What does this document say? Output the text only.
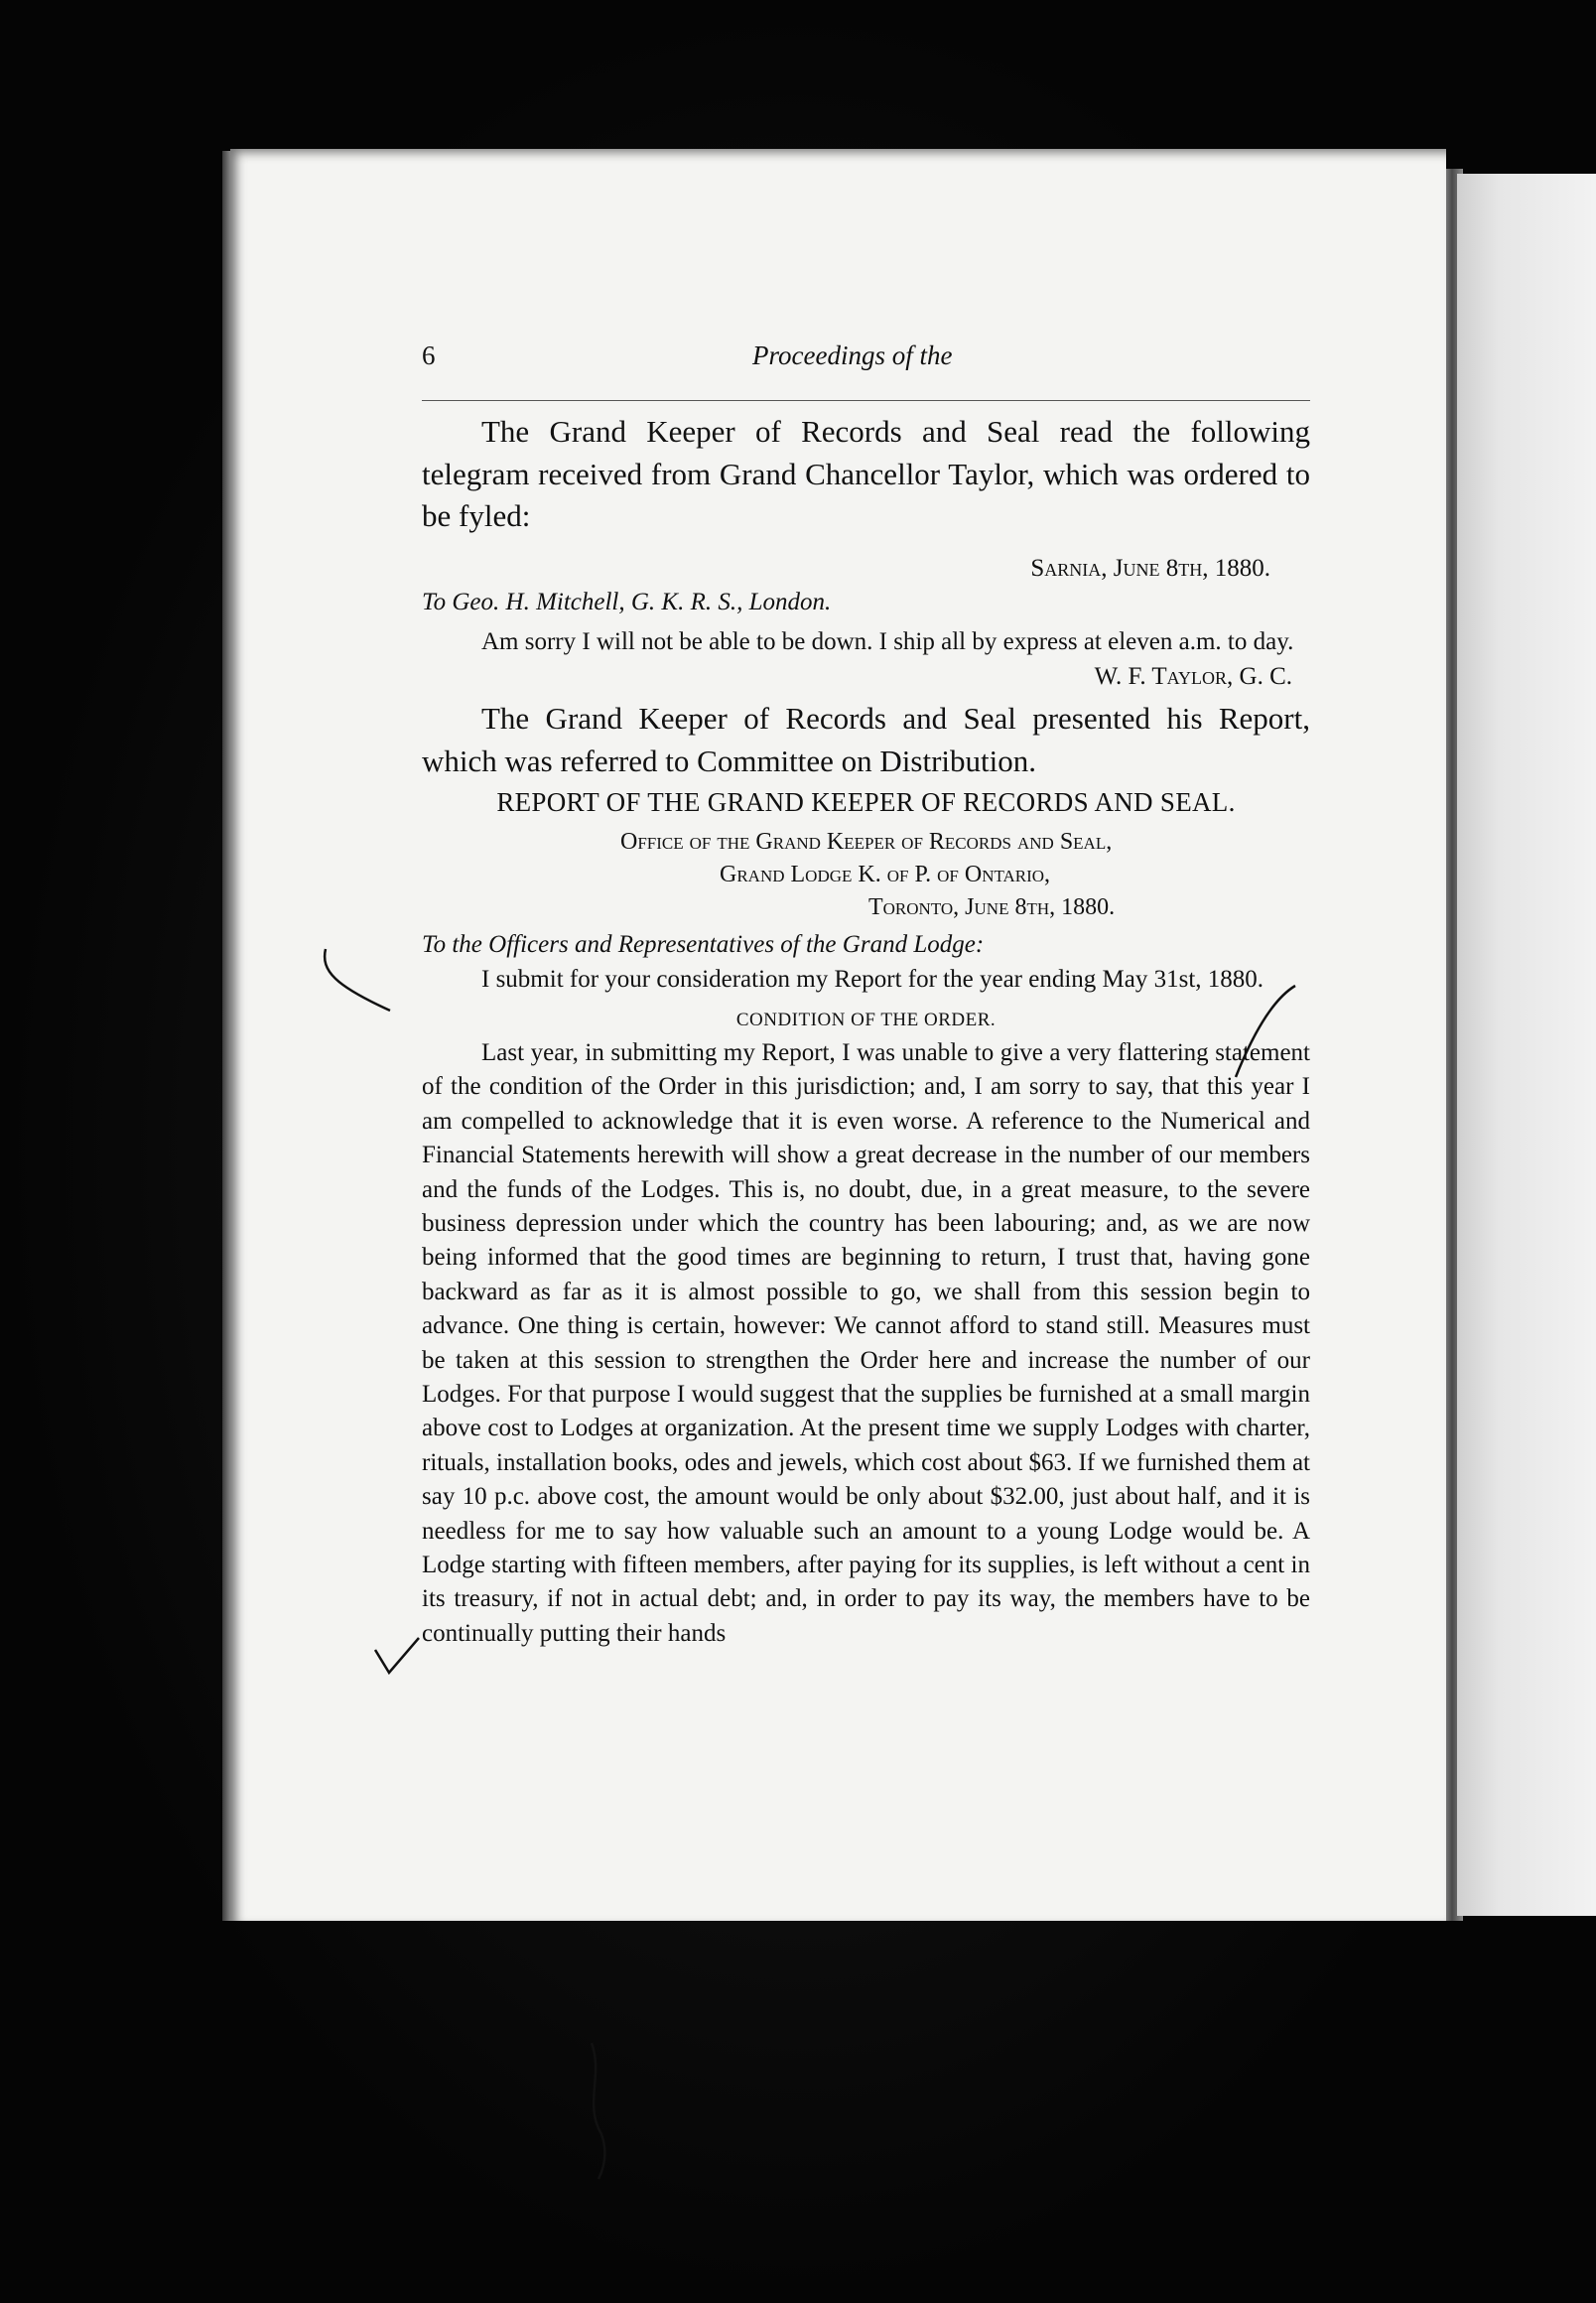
6	Proceedings of the

The Grand Keeper of Records and Seal read the following telegram received from Grand Chancellor Taylor, which was ordered to be fyled:

Sarnia, June 8th, 1880.

To Geo. H. Mitchell, G. K. R. S., London.

Am sorry I will not be able to be down. I ship all by express at eleven a.m. to day.

W. F. Taylor, G. C.

The Grand Keeper of Records and Seal presented his Report, which was referred to Committee on Distribution.

REPORT OF THE GRAND KEEPER OF RECORDS AND SEAL.

Office of the Grand Keeper of Records and Seal,

Grand Lodge K. of P. of Ontario,

Toronto, June 8th, 1880.

To the Officers and Representatives of the Grand Lodge:

I submit for your consideration my Report for the year ending May 31st, 1880.

CONDITION OF THE ORDER.

Last year, in submitting my Report, I was unable to give a very flattering statement of the condition of the Order in this jurisdiction; and, I am sorry to say, that this year I am compelled to acknowledge that it is even worse. A reference to the Numerical and Financial Statements herewith will show a great decrease in the number of our members and the funds of the Lodges. This is, no doubt, due, in a great measure, to the severe business depression under which the country has been labouring; and, as we are now being informed that the good times are beginning to return, I trust that, having gone backward as far as it is almost possible to go, we shall from this session begin to advance. One thing is certain, however: We cannot afford to stand still. Measures must be taken at this session to strengthen the Order here and increase the number of our Lodges. For that purpose I would suggest that the supplies be furnished at a small margin above cost to Lodges at organization. At the present time we supply Lodges with charter, rituals, installation books, odes and jewels, which cost about $63. If we furnished them at say 10 p.c. above cost, the amount would be only about $32.00, just about half, and it is needless for me to say how valuable such an amount to a young Lodge would be. A Lodge starting with fifteen members, after paying for its supplies, is left without a cent in its treasury, if not in actual debt; and, in order to pay its way, the members have to be continually putting their hands
